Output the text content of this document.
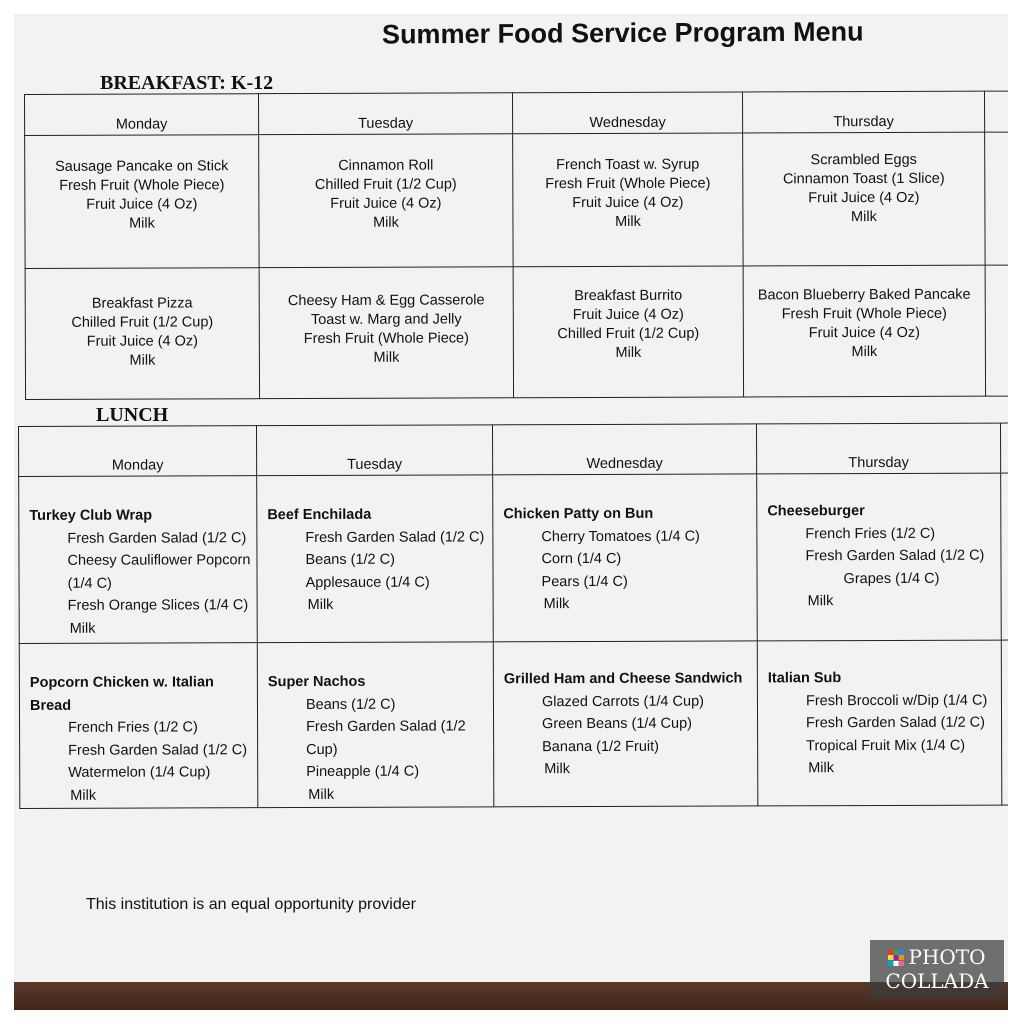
Summer Food Service Program Menu
BREAKFAST: K-12
Monday	Tuesday	Wednesday	Thursday	

Sausage Pancake on Stick
Fresh Fruit (Whole Piece)
Fruit Juice (4 Oz)
Milk	Cinnamon Roll
Chilled Fruit (1/2 Cup)
Fruit Juice (4 Oz)
Milk	French Toast w. Syrup
Fresh Fruit (Whole Piece)
Fruit Juice (4 Oz)
Milk	Scrambled Eggs
Cinnamon Toast (1 Slice)
Fruit Juice (4 Oz)
Milk	

Breakfast Pizza
Chilled Fruit (1/2 Cup)
Fruit Juice (4 Oz)
Milk	Cheesy Ham & Egg Casserole
Toast w. Marg and Jelly
Fresh Fruit (Whole Piece)
Milk	Breakfast Burrito
Fruit Juice (4 Oz)
Chilled Fruit (1/2 Cup)
Milk	Bacon Blueberry Baked Pancake
Fresh Fruit (Whole Piece)
Fruit Juice (4 Oz)
Milk	

LUNCH
Monday	Tuesday	Wednesday	Thursday	

Turkey Club Wrap
Fresh Garden Salad (1/2 C)
Cheesy Cauliflower Popcorn (1/4 C)
Fresh Orange Slices (1/4 C)
Milk	Beef Enchilada
Fresh Garden Salad (1/2 C)
Beans (1/2 C)
Applesauce (1/4 C)
Milk	Chicken Patty on Bun
Cherry Tomatoes (1/4 C)
Corn (1/4 C)
Pears (1/4 C)
Milk	Cheeseburger
French Fries (1/2 C)
Fresh Garden Salad (1/2 C)
Grapes (1/4 C)
Milk	

Popcorn Chicken w. Italian Bread
French Fries (1/2 C)
Fresh Garden Salad (1/2 C)
Watermelon (1/4 Cup)
Milk	Super Nachos
Beans (1/2 C)
Fresh Garden Salad (1/2 Cup)
Pineapple (1/4 C)
Milk	Grilled Ham and Cheese Sandwich
Glazed Carrots (1/4 Cup)
Green Beans (1/4 Cup)
Banana (1/2 Fruit)
Milk	Italian Sub
Fresh Broccoli w/Dip (1/4 C)
Fresh Garden Salad (1/2 C)
Tropical Fruit Mix (1/4 C)
Milk	

This institution is an equal opportunity provider
PHOTO
COLLADA
